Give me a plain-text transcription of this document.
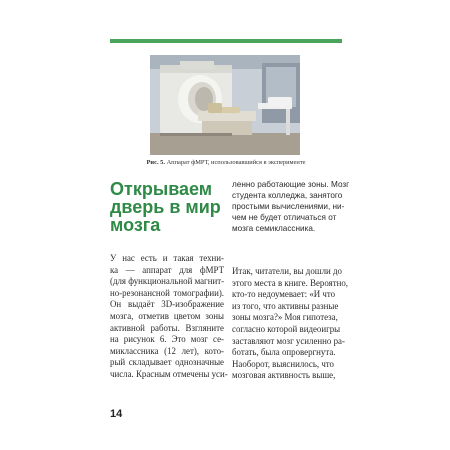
Рис. 5. Аппарат фМРТ, использовавшийся в эксперименте
Открываем
дверь в мир
мозга
У нас есть и такая техни-
ка — аппарат для фМРТ
(для функциональной магнит-
но-резонансной томографии).
Он выдаёт 3D-изображение
мозга, отметив цветом зоны
активной работы. Взгляните
на рисунок 6. Это мозг се-
миклассника (12 лет), кото-
рый складывает однозначные
числа. Красным отмечены уси-
ленно работающие зоны. Мозг
студента колледжа, занятого
простыми вычислениями, ни-
чем не будет отличаться от
мозга семиклассника.
Итак, читатели, вы дошли до
этого места в книге. Вероятно,
кто-то недоумевает: «И что
из того, что активны разные
зоны мозга?» Моя гипотеза,
согласно которой видеоигры
заставляют мозг усиленно ра-
ботать, была опровергнута.
Наоборот, выяснилось, что
мозговая активность выше,
14
